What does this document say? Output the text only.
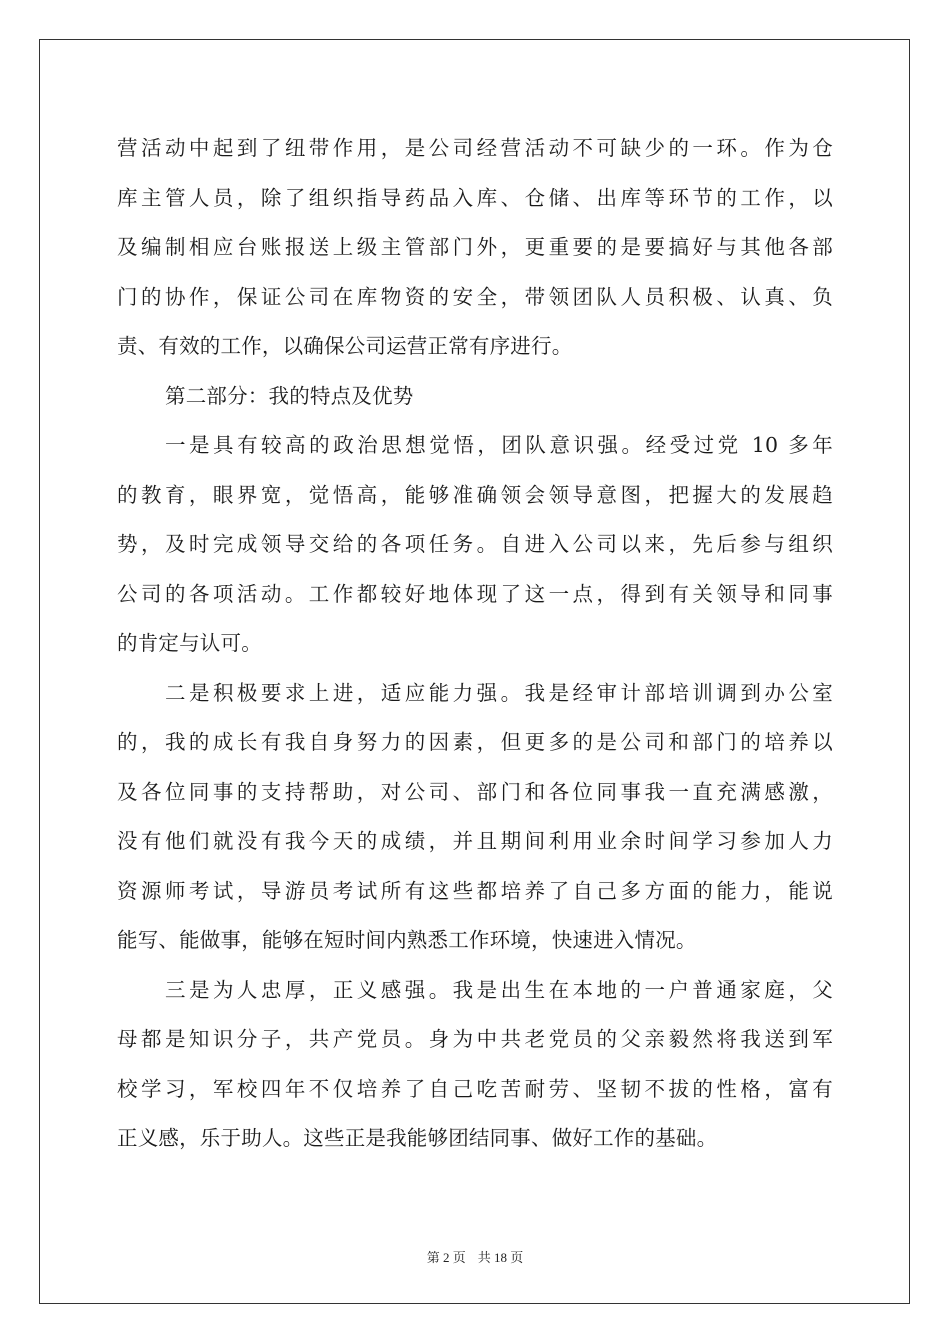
营活动中起到了纽带作用，是公司经营活动不可缺少的一环。作为仓
库主管人员，除了组织指导药品入库、仓储、出库等环节的工作，以
及编制相应台账报送上级主管部门外，更重要的是要搞好与其他各部
门的协作，保证公司在库物资的安全，带领团队人员积极、认真、负
责、有效的工作，以确保公司运营正常有序进行。
第二部分：我的特点及优势
一是具有较高的政治思想觉悟，团队意识强。经受过党 10 多年
的教育，眼界宽，觉悟高，能够准确领会领导意图，把握大的发展趋
势，及时完成领导交给的各项任务。自进入公司以来，先后参与组织
公司的各项活动。工作都较好地体现了这一点，得到有关领导和同事
的肯定与认可。
二是积极要求上进，适应能力强。我是经审计部培训调到办公室
的，我的成长有我自身努力的因素，但更多的是公司和部门的培养以
及各位同事的支持帮助，对公司、部门和各位同事我一直充满感激，
没有他们就没有我今天的成绩，并且期间利用业余时间学习参加人力
资源师考试，导游员考试所有这些都培养了自己多方面的能力，能说
能写、能做事，能够在短时间内熟悉工作环境，快速进入情况。
三是为人忠厚，正义感强。我是出生在本地的一户普通家庭，父
母都是知识分子，共产党员。身为中共老党员的父亲毅然将我送到军
校学习，军校四年不仅培养了自己吃苦耐劳、坚韧不拔的性格，富有
正义感，乐于助人。这些正是我能够团结同事、做好工作的基础。
第 2 页 共 18 页
